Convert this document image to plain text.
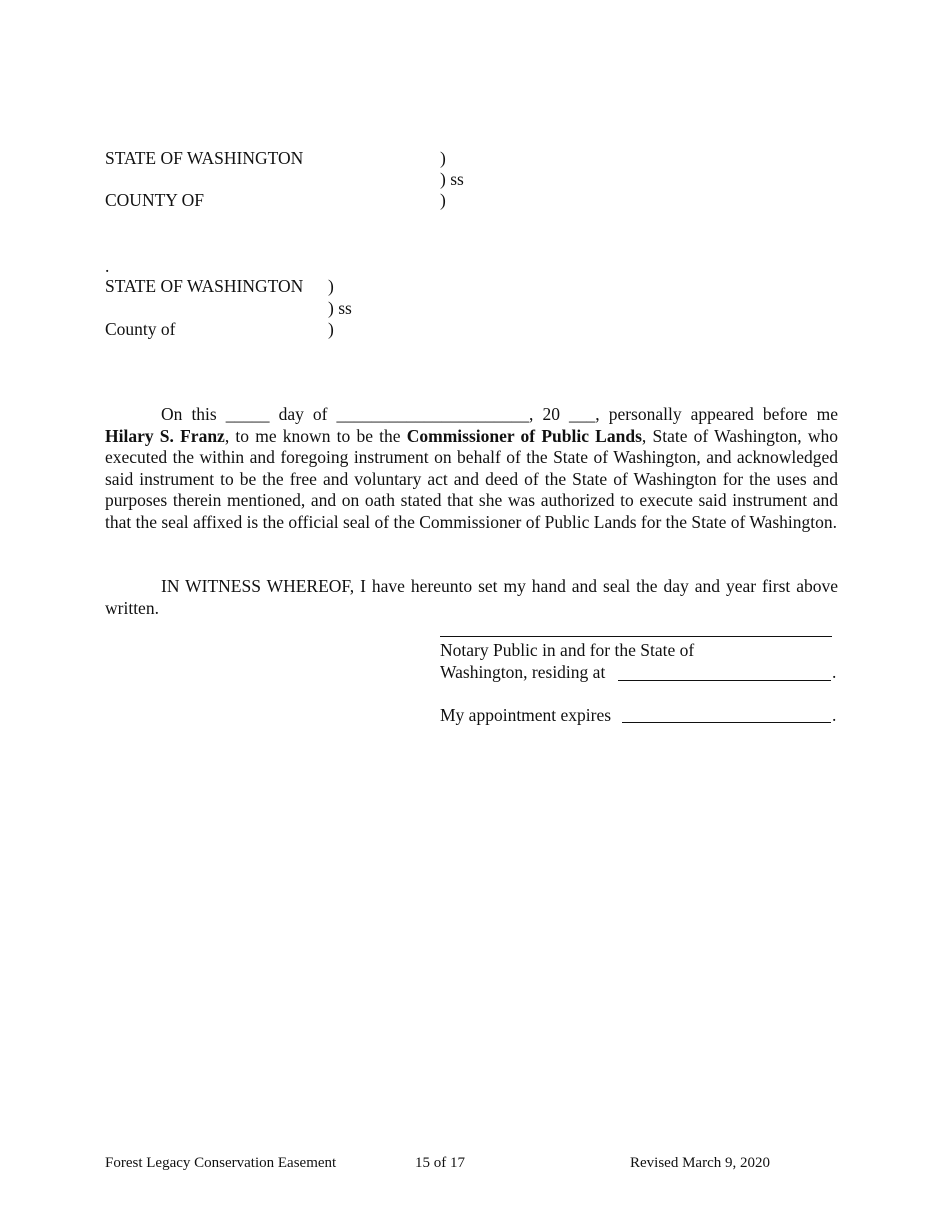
STATE OF WASHINGTON	)
) ss
COUNTY OF	)
.
STATE OF WASHINGTON )
) ss
County of	)
On this _____ day of ______________________, 20 ___, personally appeared before me Hilary S. Franz, to me known to be the Commissioner of Public Lands, State of Washington, who executed the within and foregoing instrument on behalf of the State of Washington, and acknowledged said instrument to be the free and voluntary act and deed of the State of Washington for the uses and purposes therein mentioned, and on oath stated that she was authorized to execute said instrument and that the seal affixed is the official seal of the Commissioner of Public Lands for the State of Washington.
IN WITNESS WHEREOF, I have hereunto set my hand and seal the day and year first above written.
Notary Public in and for the State of
Washington, residing at	.
My appointment expires	.
Forest Legacy Conservation Easement	15 of 17	Revised March 9, 2020
